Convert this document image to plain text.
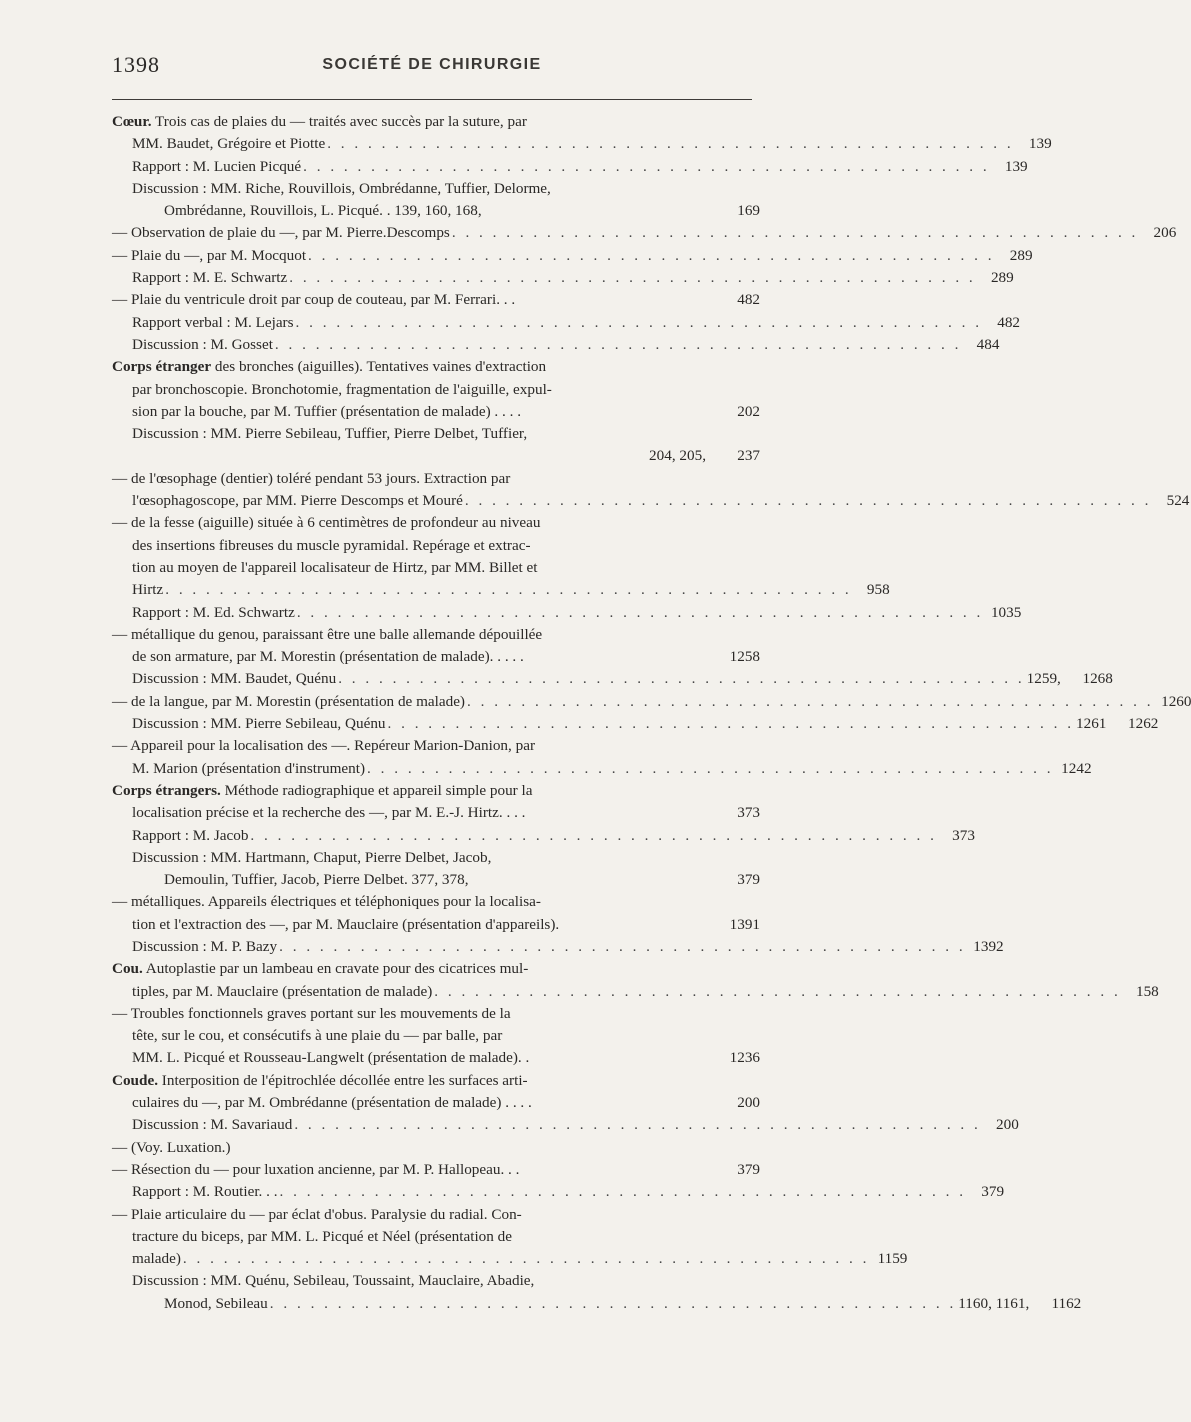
1398	SOCIÉTÉ DE CHIRURGIE
Cœur. Trois cas de plaies du — traités avec succès par la suture, par
MM. Baudet, Grégoire et Piotte . . . . . . . . . . . . . . . . . . . . . . . . . . . . . . . . . . . . . . . . . . . . . . . . . . .	139
Rapport : M. Lucien Picqué . . . . . . . . . . . . . . . . . . . . . . . . . . . . . . . . . . . . . . . . . . . . . . . . . . .	139
Discussion : MM. Riche, Rouvillois, Ombrédanne, Tuffier, Delorme,
Ombrédanne, Rouvillois, L. Picqué. . 139, 160, 168,	169
— Observation de plaie du —, par M. Pierre.Descomps . . . . . . . . . . . . . . . . . . . . . . . . . . . . . . . . . . . . . . . . . . . . . . . . . . .	206
— Plaie du —, par M. Mocquot . . . . . . . . . . . . . . . . . . . . . . . . . . . . . . . . . . . . . . . . . . . . . . . . . . .	289
Rapport : M. E. Schwartz . . . . . . . . . . . . . . . . . . . . . . . . . . . . . . . . . . . . . . . . . . . . . . . . . . .	289
— Plaie du ventricule droit par coup de couteau, par M. Ferrari. . .	482
Rapport verbal : M. Lejars . . . . . . . . . . . . . . . . . . . . . . . . . . . . . . . . . . . . . . . . . . . . . . . . . . .	482
Discussion : M. Gosset . . . . . . . . . . . . . . . . . . . . . . . . . . . . . . . . . . . . . . . . . . . . . . . . . . .	484
Corps étranger des bronches (aiguilles). Tentatives vaines d'extraction
par bronchoscopie. Bronchotomie, fragmentation de l'aiguille, expul-
sion par la bouche, par M. Tuffier (présentation de malade) . . . .	202
Discussion : MM. Pierre Sebileau, Tuffier, Pierre Delbet, Tuffier,
204, 205,	237
— de l'œsophage (dentier) toléré pendant 53 jours. Extraction par
l'œsophagoscope, par MM. Pierre Descomps et Mouré . . . . . . . . . . . . . . . . . . . . . . . . . . . . . . . . . . . . . . . . . . . . . . . . . . .	524
— de la fesse (aiguille) située à 6 centimètres de profondeur au niveau
des insertions fibreuses du muscle pyramidal. Repérage et extrac-
tion au moyen de l'appareil localisateur de Hirtz, par MM. Billet et
Hirtz . . . . . . . . . . . . . . . . . . . . . . . . . . . . . . . . . . . . . . . . . . . . . . . . . . .	958
Rapport : M. Ed. Schwartz . . . . . . . . . . . . . . . . . . . . . . . . . . . . . . . . . . . . . . . . . . . . . . . . . . . 1035
— métallique du genou, paraissant être une balle allemande dépouillée
de son armature, par M. Morestin (présentation de malade). . . . .	1258
Discussion : MM. Baudet, Quénu . . . . . . . . . . . . . . . . . . . . . . . . . . . . . . . . . . . . . . . . . . . . . . . . . . . 1259,	1268
— de la langue, par M. Morestin (présentation de malade) . . . . . . . . . . . . . . . . . . . . . . . . . . . . . . . . . . . . . . . . . . . . . . . . . . . 1260
Discussion : MM. Pierre Sebileau, Quénu . . . . . . . . . . . . . . . . . . . . . . . . . . . . . . . . . . . . . . . . . . . . . . . . . . . 1261	1262
— Appareil pour la localisation des —. Repéreur Marion-Danion, par
M. Marion (présentation d'instrument) . . . . . . . . . . . . . . . . . . . . . . . . . . . . . . . . . . . . . . . . . . . . . . . . . . . 1242
Corps étrangers. Méthode radiographique et appareil simple pour la
localisation précise et la recherche des —, par M. E.-J. Hirtz. . . .	373
Rapport : M. Jacob . . . . . . . . . . . . . . . . . . . . . . . . . . . . . . . . . . . . . . . . . . . . . . . . . . .	373
Discussion : MM. Hartmann, Chaput, Pierre Delbet, Jacob,
Demoulin, Tuffier, Jacob, Pierre Delbet. 377, 378,	379
— métalliques. Appareils électriques et téléphoniques pour la localisa-
tion et l'extraction des —, par M. Mauclaire (présentation d'appareils).	1391
Discussion : M. P. Bazy . . . . . . . . . . . . . . . . . . . . . . . . . . . . . . . . . . . . . . . . . . . . . . . . . . . 1392
Cou. Autoplastie par un lambeau en cravate pour des cicatrices mul-
tiples, par M. Mauclaire (présentation de malade) . . . . . . . . . . . . . . . . . . . . . . . . . . . . . . . . . . . . . . . . . . . . . . . . . . .	158
— Troubles fonctionnels graves portant sur les mouvements de la
tête, sur le cou, et consécutifs à une plaie du — par balle, par
MM. L. Picqué et Rousseau-Langwelt (présentation de malade). .	1236
Coude. Interposition de l'épitrochlée décollée entre les surfaces arti-
culaires du —, par M. Ombrédanne (présentation de malade) . . . .	200
Discussion : M. Savariaud . . . . . . . . . . . . . . . . . . . . . . . . . . . . . . . . . . . . . . . . . . . . . . . . . . .	200
— (Voy. Luxation.)
— Résection du — pour luxation ancienne, par M. P. Hallopeau. . .	379
Rapport : M. Routier. . . . . . . . . . . . . . . . . . . . . . . . . . . . . . . . . . . . . . . . . . . . . . . . . . . . . .	379
— Plaie articulaire du — par éclat d'obus. Paralysie du radial. Con-
tracture du biceps, par MM. L. Picqué et Néel (présentation de
malade) . . . . . . . . . . . . . . . . . . . . . . . . . . . . . . . . . . . . . . . . . . . . . . . . . . . 1159
Discussion : MM. Quénu, Sebileau, Toussaint, Mauclaire, Abadie,
Monod, Sebileau . . . . . . . . . . . . . . . . . . . . . . . . . . . . . . . . . . . . . . . . . . . . . . . . . . . 1160, 1161,	1162
